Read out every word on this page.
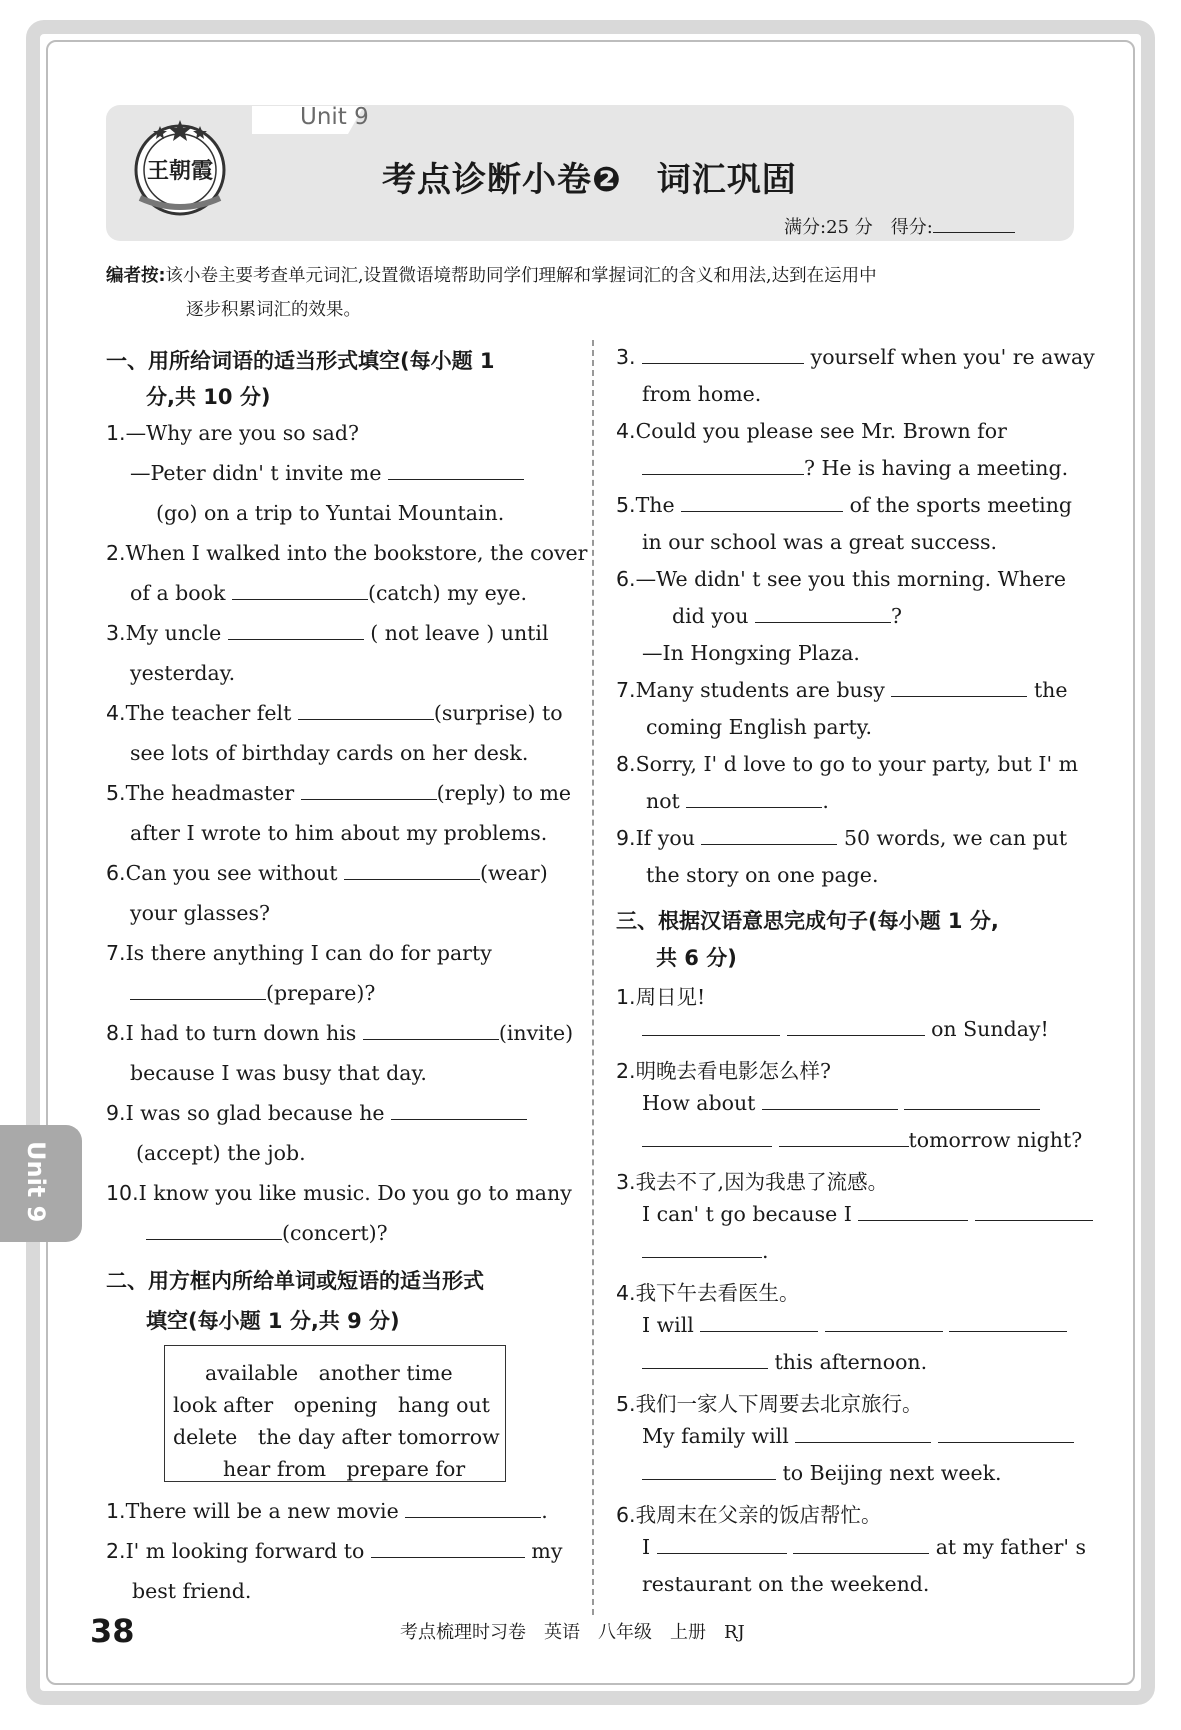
Unit 9
王朝霞	考点诊断小卷❷　词汇巩固
满分:25 分　得分:
编者按:该小卷主要考查单元词汇,设置微语境帮助同学们理解和掌握词汇的含义和用法,达到在运用中
逐步积累词汇的效果。
一、用所给词语的适当形式填空(每小题 1
分,共 10 分)
1.—Why are you so sad?
—Peter didn' t invite me
(go) on a trip to Yuntai Mountain.
2.When I walked into the bookstore, the cover
of a book	(catch) my eye.
3.My uncle	( not leave ) until
yesterday.
4.The teacher felt	(surprise) to
see lots of birthday cards on her desk.
5.The headmaster	(reply) to me
after I wrote to him about my problems.
6.Can you see without	(wear)
your glasses?
7.Is there anything I can do for party
(prepare)?
8.I had to turn down his	(invite)
because I was busy that day.
9.I was so glad because he
(accept) the job.
10.I know you like music. Do you go to many
(concert)?
二、用方框内所给单词或短语的适当形式
填空(每小题 1 分,共 9 分)
available　another time
look after　opening　hang out
delete　the day after tomorrow
hear from　prepare for
1.There will be a new movie	.
2.I' m looking forward to	my
best friend.
3.	yourself when you' re away
from home.
4.Could you please see Mr. Brown for
? He is having a meeting.
5.The	of the sports meeting
in our school was a great success.
6.—We didn' t see you this morning. Where
did you	?
—In Hongxing Plaza.
7.Many students are busy	the
coming English party.
8.Sorry, I' d love to go to your party, but I' m
not	.
9.If you	50 words, we can put
the story on one page.
三、根据汉语意思完成句子(每小题 1 分,
共 6 分)
1.周日见!
on Sunday!
2.明晚去看电影怎么样?
How about
tomorrow night?
3.我去不了,因为我患了流感。
I can' t go because I
.
4.我下午去看医生。
I will
this afternoon.
5.我们一家人下周要去北京旅行。
My family will
to Beijing next week.
6.我周末在父亲的饭店帮忙。
I	at my father' s
restaurant on the weekend.
Unit 9
38	考点梳理时习卷　英语　八年级　上册　RJ
